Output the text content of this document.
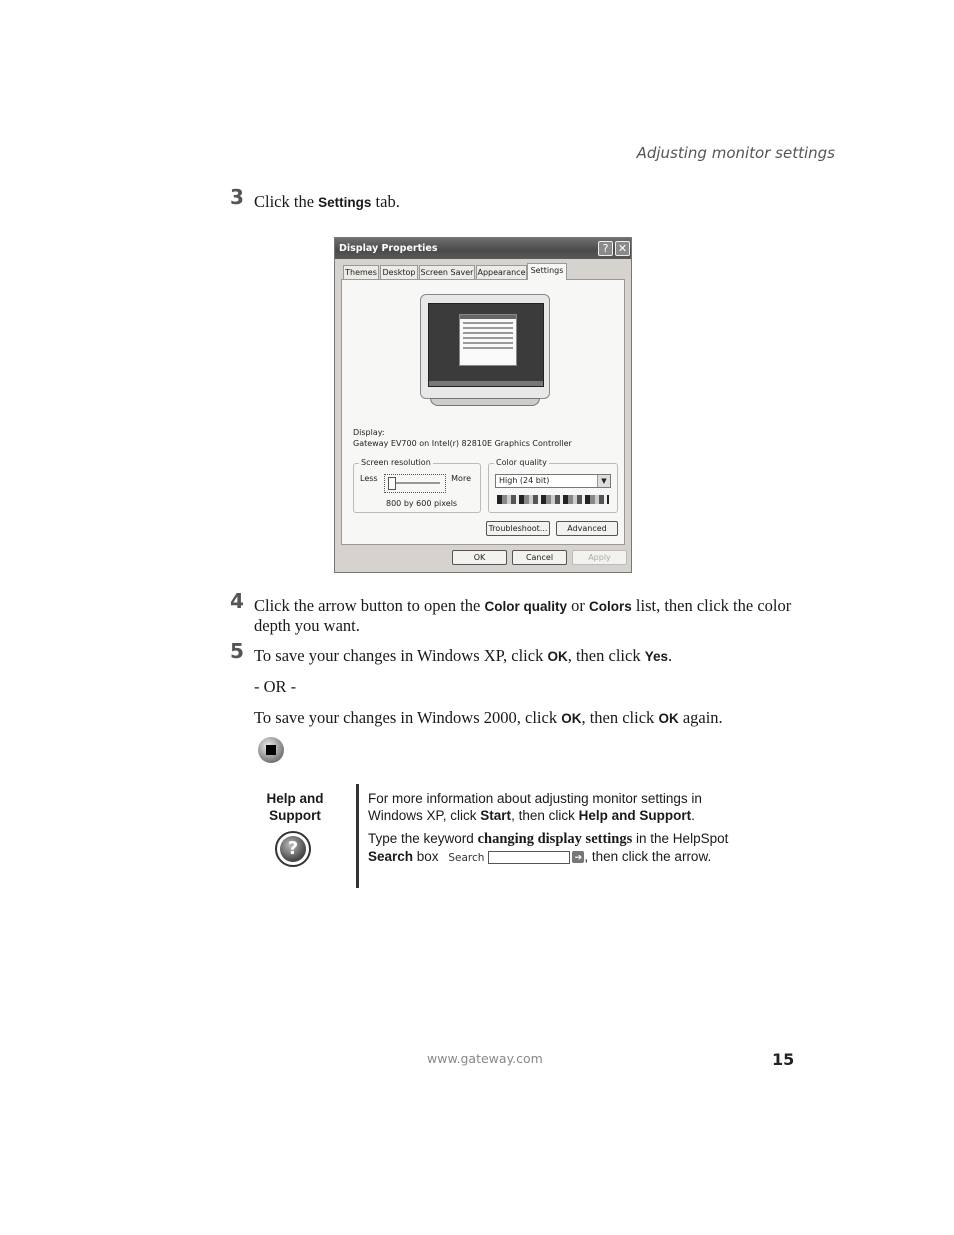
Adjusting monitor settings
3 Click the Settings tab.
Display Properties	? ✕
Themes Desktop Screen Saver Appearance Settings
Display:
Gateway EV700 on Intel(r) 82810E Graphics Controller
Screen resolution
Less	More
800 by 600 pixels
Color quality
High (24 bit)	▼
Troubleshoot...	Advanced
OK	Cancel	Apply
4 Click the arrow button to open the Color quality or Colors list, then click the color depth you want.
5 To save your changes in Windows XP, click OK, then click Yes.
- OR -
To save your changes in Windows 2000, click OK, then click OK again.
Help and Support
?

For more information about adjusting monitor settings in Windows XP, click Start, then click Help and Support.

Type the keyword changing display settings in the HelpSpot Search box Search	➔ , then click the arrow.

www.gateway.com	15
